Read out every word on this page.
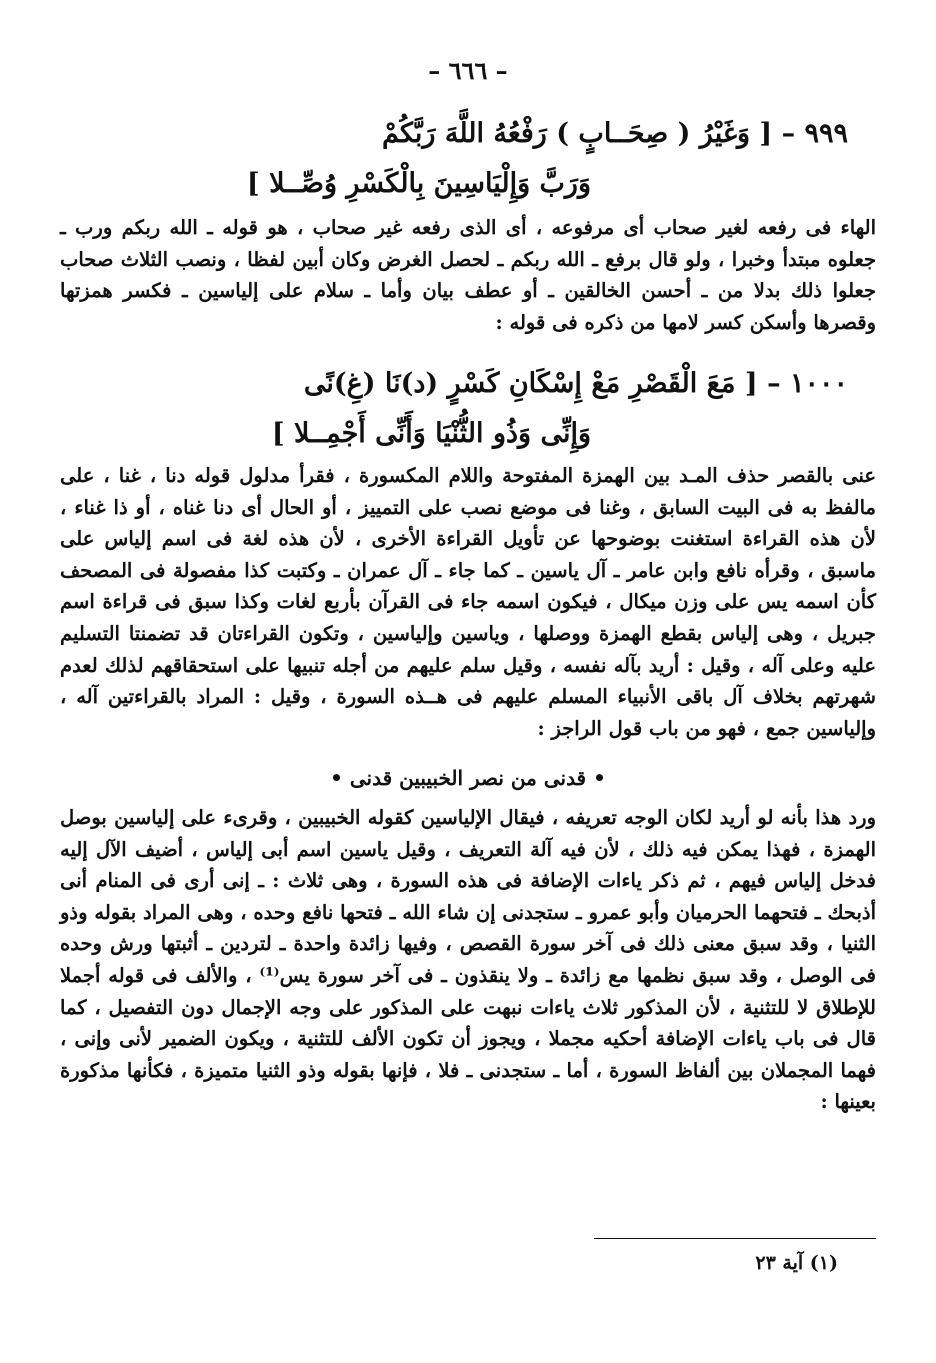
– ٦٦٦ –
٩٩٩ – [ وَغَيْرُ ( صِحَــابٍ ) رَفْعُهُ اللَّهَ رَبَّكُمْ
وَرَبَّ وَإِلْيَاسِينَ بِالْكَسْرِ وُصِّــلا ]

الهاء فى رفعه لغير صحاب أى مرفوعه ، أى الذى رفعه غير صحاب ، هو قوله ـ الله ربكم ورب ـ جعلوه مبتدأ وخبرا ، ولو قال برفع ـ الله ربكم ـ لحصل الغرض وكان أبين لفظا ، ونصب الثلاث صحاب جعلوا ذلك بدلا من ـ أحسن الخالقين ـ أو عطف بيان وأما ـ سلام على إلياسين ـ فكسر همزتها وقصرها وأسكن كسر لامها من ذكره فى قوله :

١٠٠٠ – [ مَعَ الْقَصْرِ مَعْ إِسْكَانِ كَسْرٍ (د)نَا (غِ)نًى
وَإِنِّى وَذُو الثُّنْيَا وَأَنِّى أَجْمِــلا ]

عنى بالقصر حذف المـد بين الهمزة المفتوحة واللام المكسورة ، فقرأ مدلول قوله دنا ، غنا ، على مالفظ به فى البيت السابق ، وغنا فى موضع نصب على التمييز ، أو الحال أى دنا غناه ، أو ذا غناء ، لأن هذه القراءة استغنت بوضوحها عن تأويل القراءة الأخرى ، لأن هذه لغة فى اسم إلياس على ماسبق ، وقرأه نافع وابن عامر ـ آل ياسين ـ كما جاء ـ آل عمران ـ وكتبت كذا مفصولة فى المصحف كأن اسمه يس على وزن ميكال ، فيكون اسمه جاء فى القرآن بأربع لغات وكذا سبق فى قراءة اسم جبريل ، وهى إلياس بقطع الهمزة ووصلها ، وياسين وإلياسين ، وتكون القراءتان قد تضمنتا التسليم عليه وعلى آله ، وقيل : أريد بآله نفسه ، وقيل سلم عليهم من أجله تنبيها على استحقاقهم لذلك لعدم شهرتهم بخلاف آل باقى الأنبياء المسلم عليهم فى هــذه السورة ، وقيل : المراد بالقراءتين آله ، وإلياسين جمع ، فهو من باب قول الراجز :

• قدنى من نصر الخبيبين قدنى •

ورد هذا بأنه لو أريد لكان الوجه تعريفه ، فيقال الإلياسين كقوله الخبيبين ، وقرىء على إلياسين بوصل الهمزة ، فهذا يمكن فيه ذلك ، لأن فيه آلة التعريف ، وقيل ياسين اسم أبى إلياس ، أضيف الآل إليه فدخل إلياس فيهم ، ثم ذكر ياءات الإضافة فى هذه السورة ، وهى ثلاث : ـ إنى أرى فى المنام أنى أذبحك ـ فتحهما الحرميان وأبو عمرو ـ ستجدنى إن شاء الله ـ فتحها نافع وحده ، وهى المراد بقوله وذو الثنيا ، وقد سبق معنى ذلك فى آخر سورة القصص ، وفيها زائدة واحدة ـ لتردين ـ أثبتها ورش وحده فى الوصل ، وقد سبق نظمها مع زائدة ـ ولا ينقذون ـ فى آخر سورة يس⁽¹⁾ ، والألف فى قوله أجملا للإطلاق لا للتثنية ، لأن المذكور ثلاث ياءات نبهت على المذكور على وجه الإجمال دون التفصيل ، كما قال فى باب ياءات الإضافة أحكيه مجملا ، ويجوز أن تكون الألف للتثنية ، ويكون الضمير لأنى وإنى ، فهما المجملان بين ألفاظ السورة ، أما ـ ستجدنى ـ فلا ، فإنها بقوله وذو الثنيا متميزة ، فكأنها مذكورة بعينها :

(١) آية ٢٣
